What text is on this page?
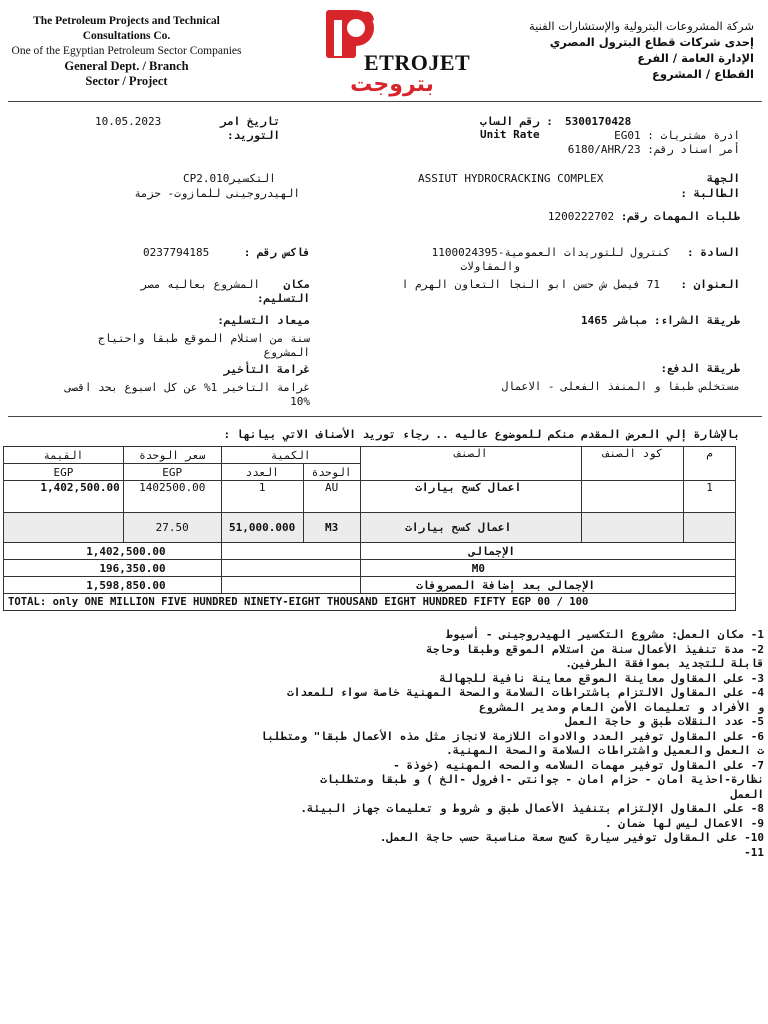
The Petroleum Projects and Technical
Consultations Co.
One of the Egyptian Petroleum Sector Companies
General Dept. / Branch
Sector / Project
ETROJET
بتروجت
شركة المشروعات البترولية والإستشارات الفنية
إحدى شركات قطاع البترول المصري
الإدارة العامة / الفرع
القطاع / المشروع
10.05.2023	تاريخ امر
التوريد:
5300170428
رقم الساب : Unit Rate	ادرة مشتريات : EG01
أمر اسناد رقم: 6180/AHR/23
CP2.010التكسير
الهيدروجينى للمازوت- حزمة
ASSIUT HYDROCRACKING COMPLEX	الجهة
الطالبة :
طلبات المهمات رقم: 1200222702
0237794185	فاكس رقم :	كنترول للتوريدات العمومية-1100024395
والمقاولات
السادة :
المشروع بعاليه مصر	مكان
التسليم:
71 فيصل ش حسن ابو النجا التعاون الهرم ا	العنوان :
ميعاد التسليم:
سنة من استلام الموقع طبقا واحتياج
المشروع
طريقة الشراء: مباشر 1465
غرامة التأخير
غرامة التاخير 1% عن كل اسبوع بحد اقصى
10%
طريقة الدفع:
مستخلص طبقا و المنفذ الفعلى - الاعمال
بالإشارة إلي العرض المقدم منكم للموضوع عاليه .. رجاء توريد الأصناف الاتي بيانها :
القيمة	سعر الوحدة	الكمية		الصنف	كود الصنف	م
EGP	EGP	العدد	الوحدة			
1,402,500.00	1402500.00	1	AU	اعمال كسح بيارات		1
	27.50	51,000.000	M3	اعمال كسح بيارات		
1,402,500.00				الإجمالى		
196,350.00				M0		
1,598,850.00				الإجمالى بعد إضافة المصروفات		
TOTAL: only ONE MILLION FIVE HUNDRED NINETY-EIGHT THOUSAND EIGHT HUNDRED FIFTY EGP 00 / 100						
1- مكان العمل: مشروع التكسير الهيدروجينى - أسيوط
2- مدة تنفيذ الأعمال سنة من استلام الموقع وطبقا وحاجة
قابلة للتجديد بموافقة الطرفين.
3- على المقاول معاينة الموقع معاينة نافية للجهالة
4- على المقاول الالتزام باشتراطات السلامة والصحة المهنية خاصة سواء للمعدات
و الأفراد و تعليمات الأمن العام ومدير المشروع
5- عدد النقلات طبق و حاجة العمل
6- على المقاول توفير العدد والادوات اللازمة لانجاز مثل مذه الأعمال طبقا" ومتطلبا
ت العمل والعميل واشتراطات السلامة والصحة المهنية.
7- على المقاول توفير مهمات السلامه والصحه المهنيه (خوذة -
نظارة-احذية امان - حزام امان - جوانتى -افرول -الخ ) و طبقا ومتطلبات
العمل
8- على المقاول الإلتزام بتنفيذ الأعمال طبق و شروط و تعليمات جهاز البيئة.
9- الاعمال ليس لها ضمان .
10- على المقاول توفير سيارة كسح سعة مناسبة حسب حاجة العمل.
11-
